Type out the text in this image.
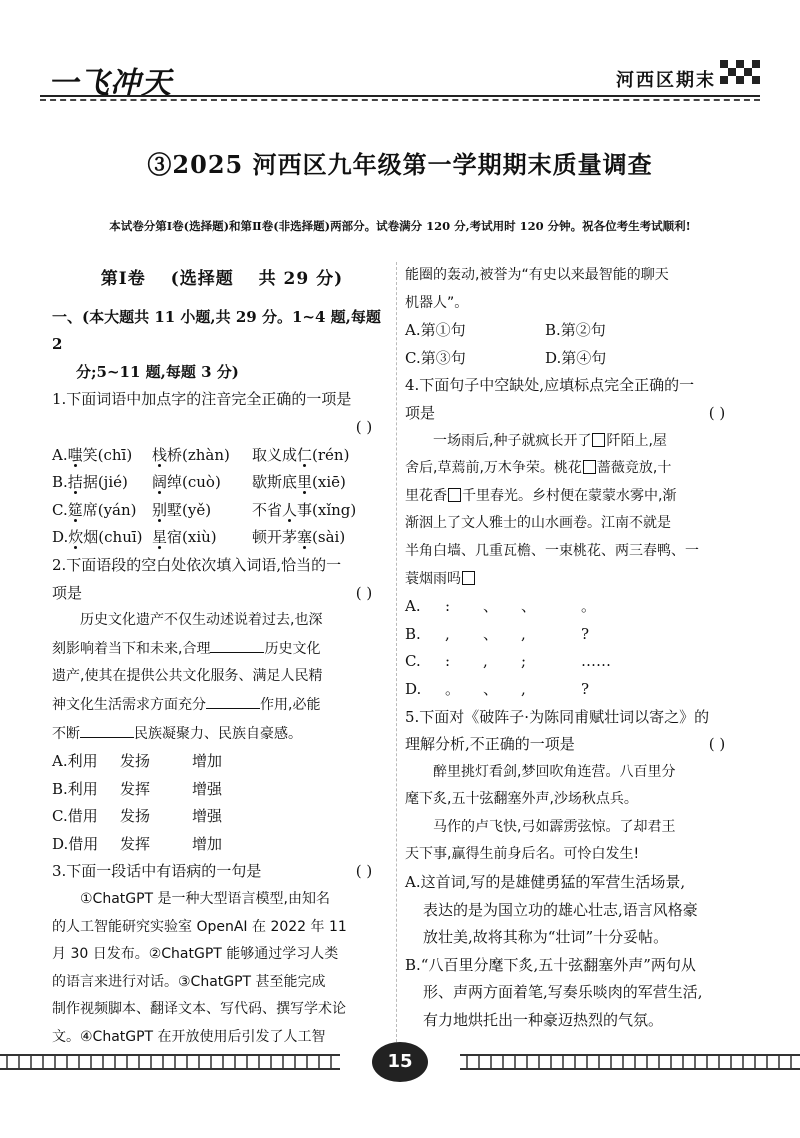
一飞冲天	河西区期末
③2025 河西区九年级第一学期期末质量调查
本试卷分第Ⅰ卷(选择题)和第Ⅱ卷(非选择题)两部分。试卷满分 120 分,考试用时 120 分钟。祝各位考生考试顺利!
第Ⅰ卷 (选择题 共 29 分)
一、(本大题共 11 小题,共 29 分。1~4 题,每题 2
分;5~11 题,每题 3 分)
1.下面词语中加点字的注音完全正确的一项是
( )
A.嗤笑(chī)	栈桥(zhàn)	取义成仁(rén)
B.拮据(jié)	阔绰(cuò)	歇斯底里(xiē)
C.筵席(yán)	别墅(yě)	不省人事(xǐng)
D.炊烟(chuī) 星宿(xiù)	顿开茅塞(sài)
2.下面语段的空白处依次填入词语,恰当的一
项是	( )
历史文化遗产不仅生动述说着过去,也深
刻影响着当下和未来,合理	历史文化
遗产,使其在提供公共文化服务、满足人民精
神文化生活需求方面充分	作用,必能
不断	民族凝聚力、民族自豪感。
A.利用	发扬	增加
B.利用	发挥	增强
C.借用	发扬	增强
D.借用	发挥	增加
3.下面一段话中有语病的一句是	( )
①ChatGPT 是一种大型语言模型,由知名
的人工智能研究实验室 OpenAI 在 2022 年 11
月 30 日发布。②ChatGPT 能够通过学习人类
的语言来进行对话。③ChatGPT 甚至能完成
制作视频脚本、翻译文本、写代码、撰写学术论
文。④ChatGPT 在开放使用后引发了人工智
能圈的轰动,被誉为“有史以来最智能的聊天
机器人”。
A.第①句	B.第②句
C.第③句	D.第④句
4.下面句子中空缺处,应填标点完全正确的一
项是	( )
一场雨后,种子就疯长开了 阡陌上,屋
舍后,草蔫前,万木争荣。桃花 蔷薇竞放,十
里花香 千里春光。乡村便在蒙蒙水雾中,渐
渐洇上了文人雅士的山水画卷。江南不就是
半角白墙、几重瓦檐、一束桃花、两三春鸭、一
蓑烟雨吗
A.	:	、	、	。
B.	,	、	,	?
C.	:	,	;	……
D.	。	、	,	?
5.下面对《破阵子·为陈同甫赋壮词以寄之》的
理解分析,不正确的一项是	( )
醉里挑灯看剑,梦回吹角连营。八百里分
麾下炙,五十弦翻塞外声,沙场秋点兵。
马作的卢飞快,弓如霹雳弦惊。了却君王
天下事,赢得生前身后名。可怜白发生!
A.这首词,写的是雄健勇猛的军营生活场景,
表达的是为国立功的雄心壮志,语言风格豪
放壮美,故将其称为“壮词”十分妥帖。
B.“八百里分麾下炙,五十弦翻塞外声”两句从
形、声两方面着笔,写奏乐啖肉的军营生活,
有力地烘托出一种豪迈热烈的气氛。
15
